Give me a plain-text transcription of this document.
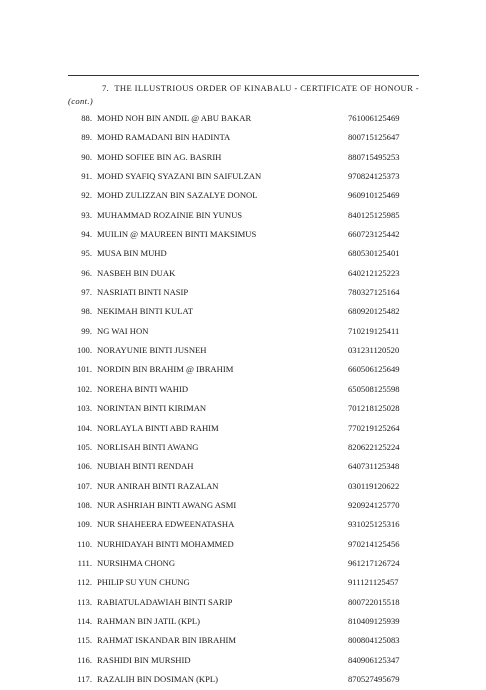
7. THE ILLUSTRIOUS ORDER OF KINABALU - CERTIFICATE OF HONOUR - (cont.)
88. MOHD NOH BIN ANDIL @ ABU BAKAR	761006125469
89. MOHD RAMADANI BIN HADINTA	800715125647
90. MOHD SOFIEE BIN AG. BASRIH	880715495253
91. MOHD SYAFIQ SYAZANI BIN SAIFULZAN	970824125373
92. MOHD ZULIZZAN BIN SAZALYE DONOL	960910125469
93. MUHAMMAD ROZAINIE BIN YUNUS	840125125985
94. MUILIN @ MAUREEN BINTI MAKSIMUS	660723125442
95. MUSA BIN MUHD	680530125401
96. NASBEH BIN DUAK	640212125223
97. NASRIATI BINTI NASIP	780327125164
98. NEKIMAH BINTI KULAT	680920125482
99. NG WAI HON	710219125411
100. NORAYUNIE BINTI JUSNEH	031231120520
101. NORDIN BIN BRAHIM @ IBRAHIM	660506125649
102. NOREHA BINTI WAHID	650508125598
103. NORINTAN BINTI KIRIMAN	701218125028
104. NORLAYLA BINTI ABD RAHIM	770219125264
105. NORLISAH BINTI AWANG	820622125224
106. NUBIAH BINTI RENDAH	640731125348
107. NUR ANIRAH BINTI RAZALAN	030119120622
108. NUR ASHRIAH BINTI AWANG ASMI	920924125770
109. NUR SHAHEERA EDWEENATASHA	931025125316
110. NURHIDAYAH BINTI MOHAMMED	970214125456
111. NURSIHMA CHONG	961217126724
112. PHILIP SU YUN CHUNG	911121125457
113. RABIATULADAWIAH BINTI SARIP	800722015518
114. RAHMAN BIN JATIL (KPL)	810409125939
115. RAHMAT ISKANDAR BIN IBRAHIM	800804125083
116. RASHIDI BIN MURSHID	840906125347
117. RAZALIH BIN DOSIMAN (KPL)	870527495679
